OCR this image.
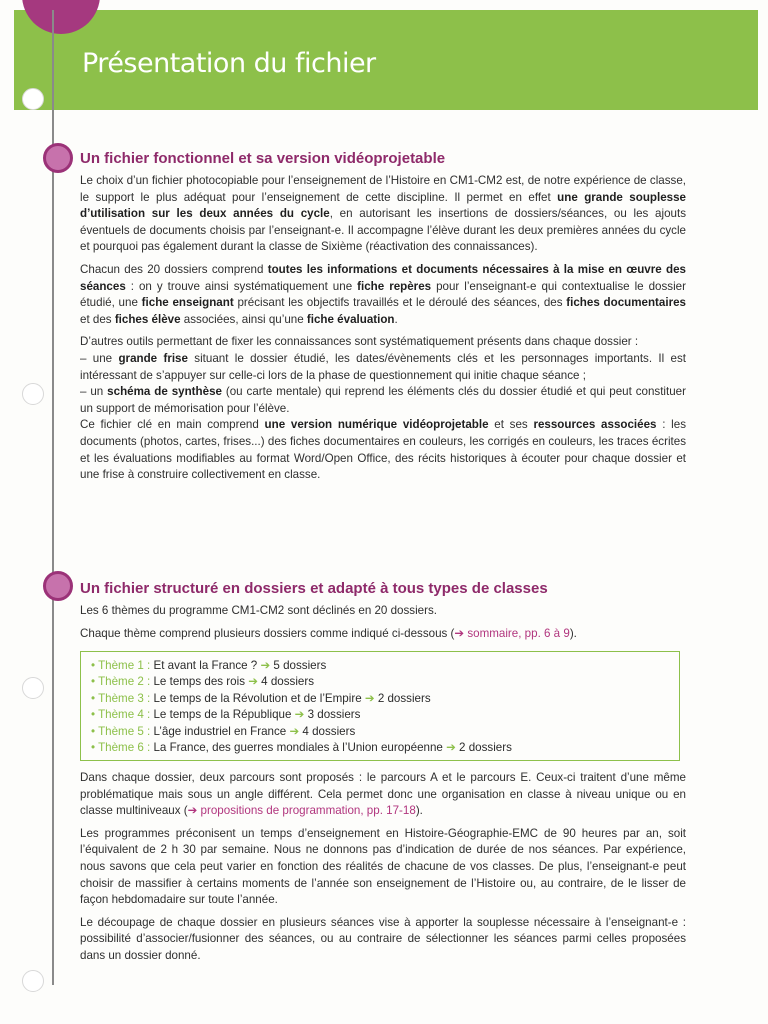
Présentation du fichier
Un fichier fonctionnel et sa version vidéoprojetable

Le choix d’un fichier photocopiable pour l’enseignement de l’Histoire en CM1-CM2 est, de notre expérience de classe, le support le plus adéquat pour l’enseignement de cette discipline. Il permet en effet une grande souplesse d’utilisation sur les deux années du cycle, en autorisant les insertions de dossiers/séances, ou les ajouts éventuels de documents choisis par l’enseignant-e. Il accompagne l’élève durant les deux premières années du cycle et pourquoi pas également durant la classe de Sixième (réactivation des connaissances).

Chacun des 20 dossiers comprend toutes les informations et documents nécessaires à la mise en œuvre des séances : on y trouve ainsi systématiquement une fiche repères pour l’enseignant-e qui contextualise le dossier étudié, une fiche enseignant précisant les objectifs travaillés et le déroulé des séances, des fiches documentaires et des fiches élève associées, ainsi qu’une fiche évaluation.

D’autres outils permettant de fixer les connaissances sont systématiquement présents dans chaque dossier :

– une grande frise situant le dossier étudié, les dates/évènements clés et les personnages importants. Il est intéressant de s’appuyer sur celle-ci lors de la phase de questionnement qui initie chaque séance ;

– un schéma de synthèse (ou carte mentale) qui reprend les éléments clés du dossier étudié et qui peut constituer un support de mémorisation pour l’élève.

Ce fichier clé en main comprend une version numérique vidéoprojetable et ses ressources associées : les documents (photos, cartes, frises...) des fiches documentaires en couleurs, les corrigés en couleurs, les traces écrites et les évaluations modifiables au format Word/Open Office, des récits historiques à écouter pour chaque dossier et une frise à construire collectivement en classe.

Un fichier structuré en dossiers et adapté à tous types de classes

Les 6 thèmes du programme CM1-CM2 sont déclinés en 20 dossiers.

Chaque thème comprend plusieurs dossiers comme indiqué ci-dessous (➔ sommaire, pp. 6 à 9).

• Thème 1 : Et avant la France ? ➔ 5 dossiers
• Thème 2 : Le temps des rois ➔ 4 dossiers
• Thème 3 : Le temps de la Révolution et de l’Empire ➔ 2 dossiers
• Thème 4 : Le temps de la République ➔ 3 dossiers
• Thème 5 : L’âge industriel en France ➔ 4 dossiers
• Thème 6 : La France, des guerres mondiales à l’Union européenne ➔ 2 dossiers

Dans chaque dossier, deux parcours sont proposés : le parcours A et le parcours E. Ceux-ci traitent d’une même problématique mais sous un angle différent. Cela permet donc une organisation en classe à niveau unique ou en classe multiniveaux (➔ propositions de programmation, pp. 17-18).

Les programmes préconisent un temps d’enseignement en Histoire-Géographie-EMC de 90 heures par an, soit l’équivalent de 2 h 30 par semaine. Nous ne donnons pas d’indication de durée de nos séances. Par expérience, nous savons que cela peut varier en fonction des réalités de chacune de vos classes. De plus, l’enseignant-e peut choisir de massifier à certains moments de l’année son enseignement de l’Histoire ou, au contraire, de le lisser de façon hebdomadaire sur toute l’année.

Le découpage de chaque dossier en plusieurs séances vise à apporter la souplesse nécessaire à l’enseignant-e : possibilité d’associer/fusionner des séances, ou au contraire de sélectionner les séances parmi celles proposées dans un dossier donné.
